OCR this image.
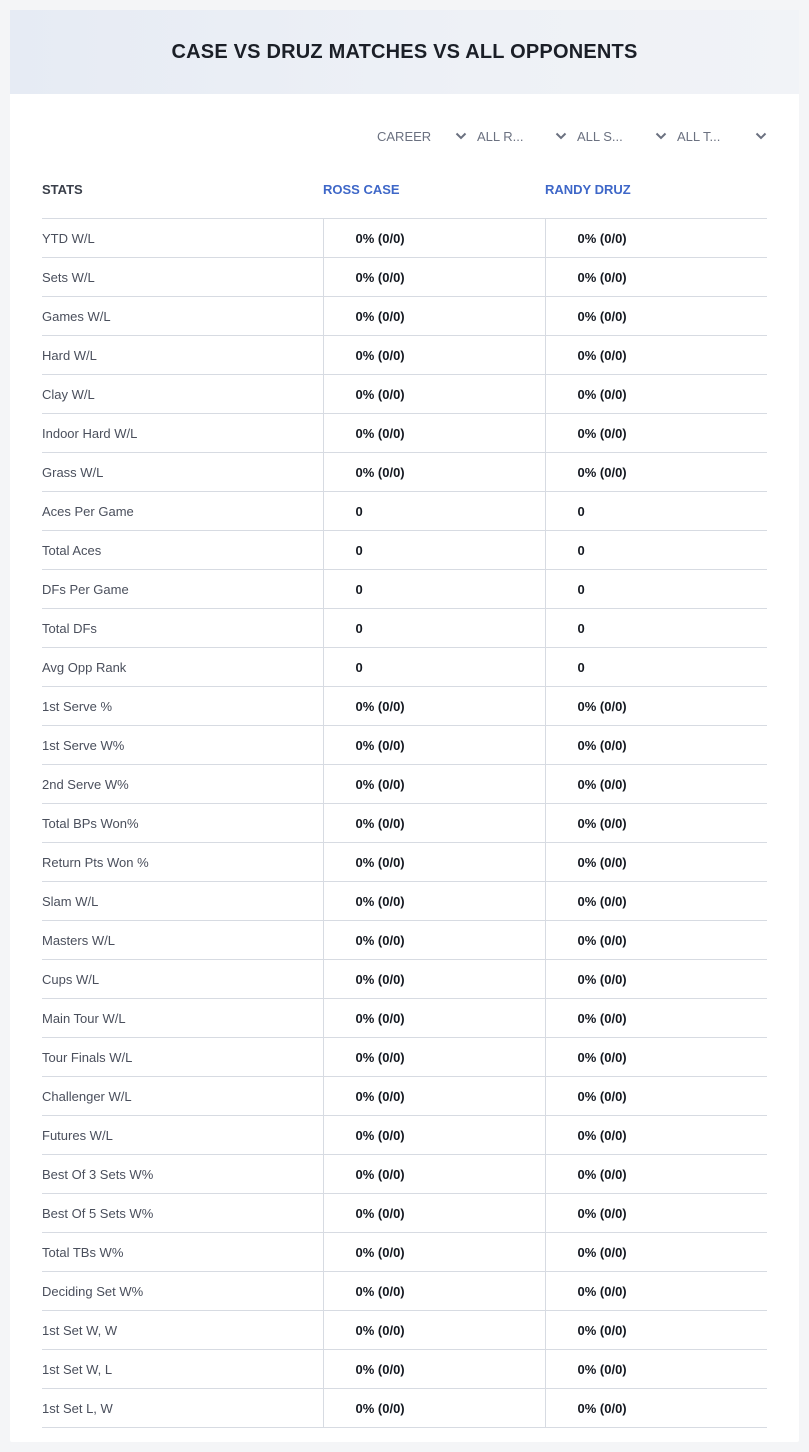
CASE VS DRUZ MATCHES VS ALL OPPONENTS
CAREER	ALL R...	ALL S...	ALL T...
STATS	ROSS CASE	RANDY DRUZ
YTD W/L	0% (0/0)	0% (0/0)
Sets W/L	0% (0/0)	0% (0/0)
Games W/L	0% (0/0)	0% (0/0)
Hard W/L	0% (0/0)	0% (0/0)
Clay W/L	0% (0/0)	0% (0/0)
Indoor Hard W/L	0% (0/0)	0% (0/0)
Grass W/L	0% (0/0)	0% (0/0)
Aces Per Game	0	0
Total Aces	0	0
DFs Per Game	0	0
Total DFs	0	0
Avg Opp Rank	0	0
1st Serve %	0% (0/0)	0% (0/0)
1st Serve W%	0% (0/0)	0% (0/0)
2nd Serve W%	0% (0/0)	0% (0/0)
Total BPs Won%	0% (0/0)	0% (0/0)
Return Pts Won %	0% (0/0)	0% (0/0)
Slam W/L	0% (0/0)	0% (0/0)
Masters W/L	0% (0/0)	0% (0/0)
Cups W/L	0% (0/0)	0% (0/0)
Main Tour W/L	0% (0/0)	0% (0/0)
Tour Finals W/L	0% (0/0)	0% (0/0)
Challenger W/L	0% (0/0)	0% (0/0)
Futures W/L	0% (0/0)	0% (0/0)
Best Of 3 Sets W%	0% (0/0)	0% (0/0)
Best Of 5 Sets W%	0% (0/0)	0% (0/0)
Total TBs W%	0% (0/0)	0% (0/0)
Deciding Set W%	0% (0/0)	0% (0/0)
1st Set W, W	0% (0/0)	0% (0/0)
1st Set W, L	0% (0/0)	0% (0/0)
1st Set L, W	0% (0/0)	0% (0/0)
